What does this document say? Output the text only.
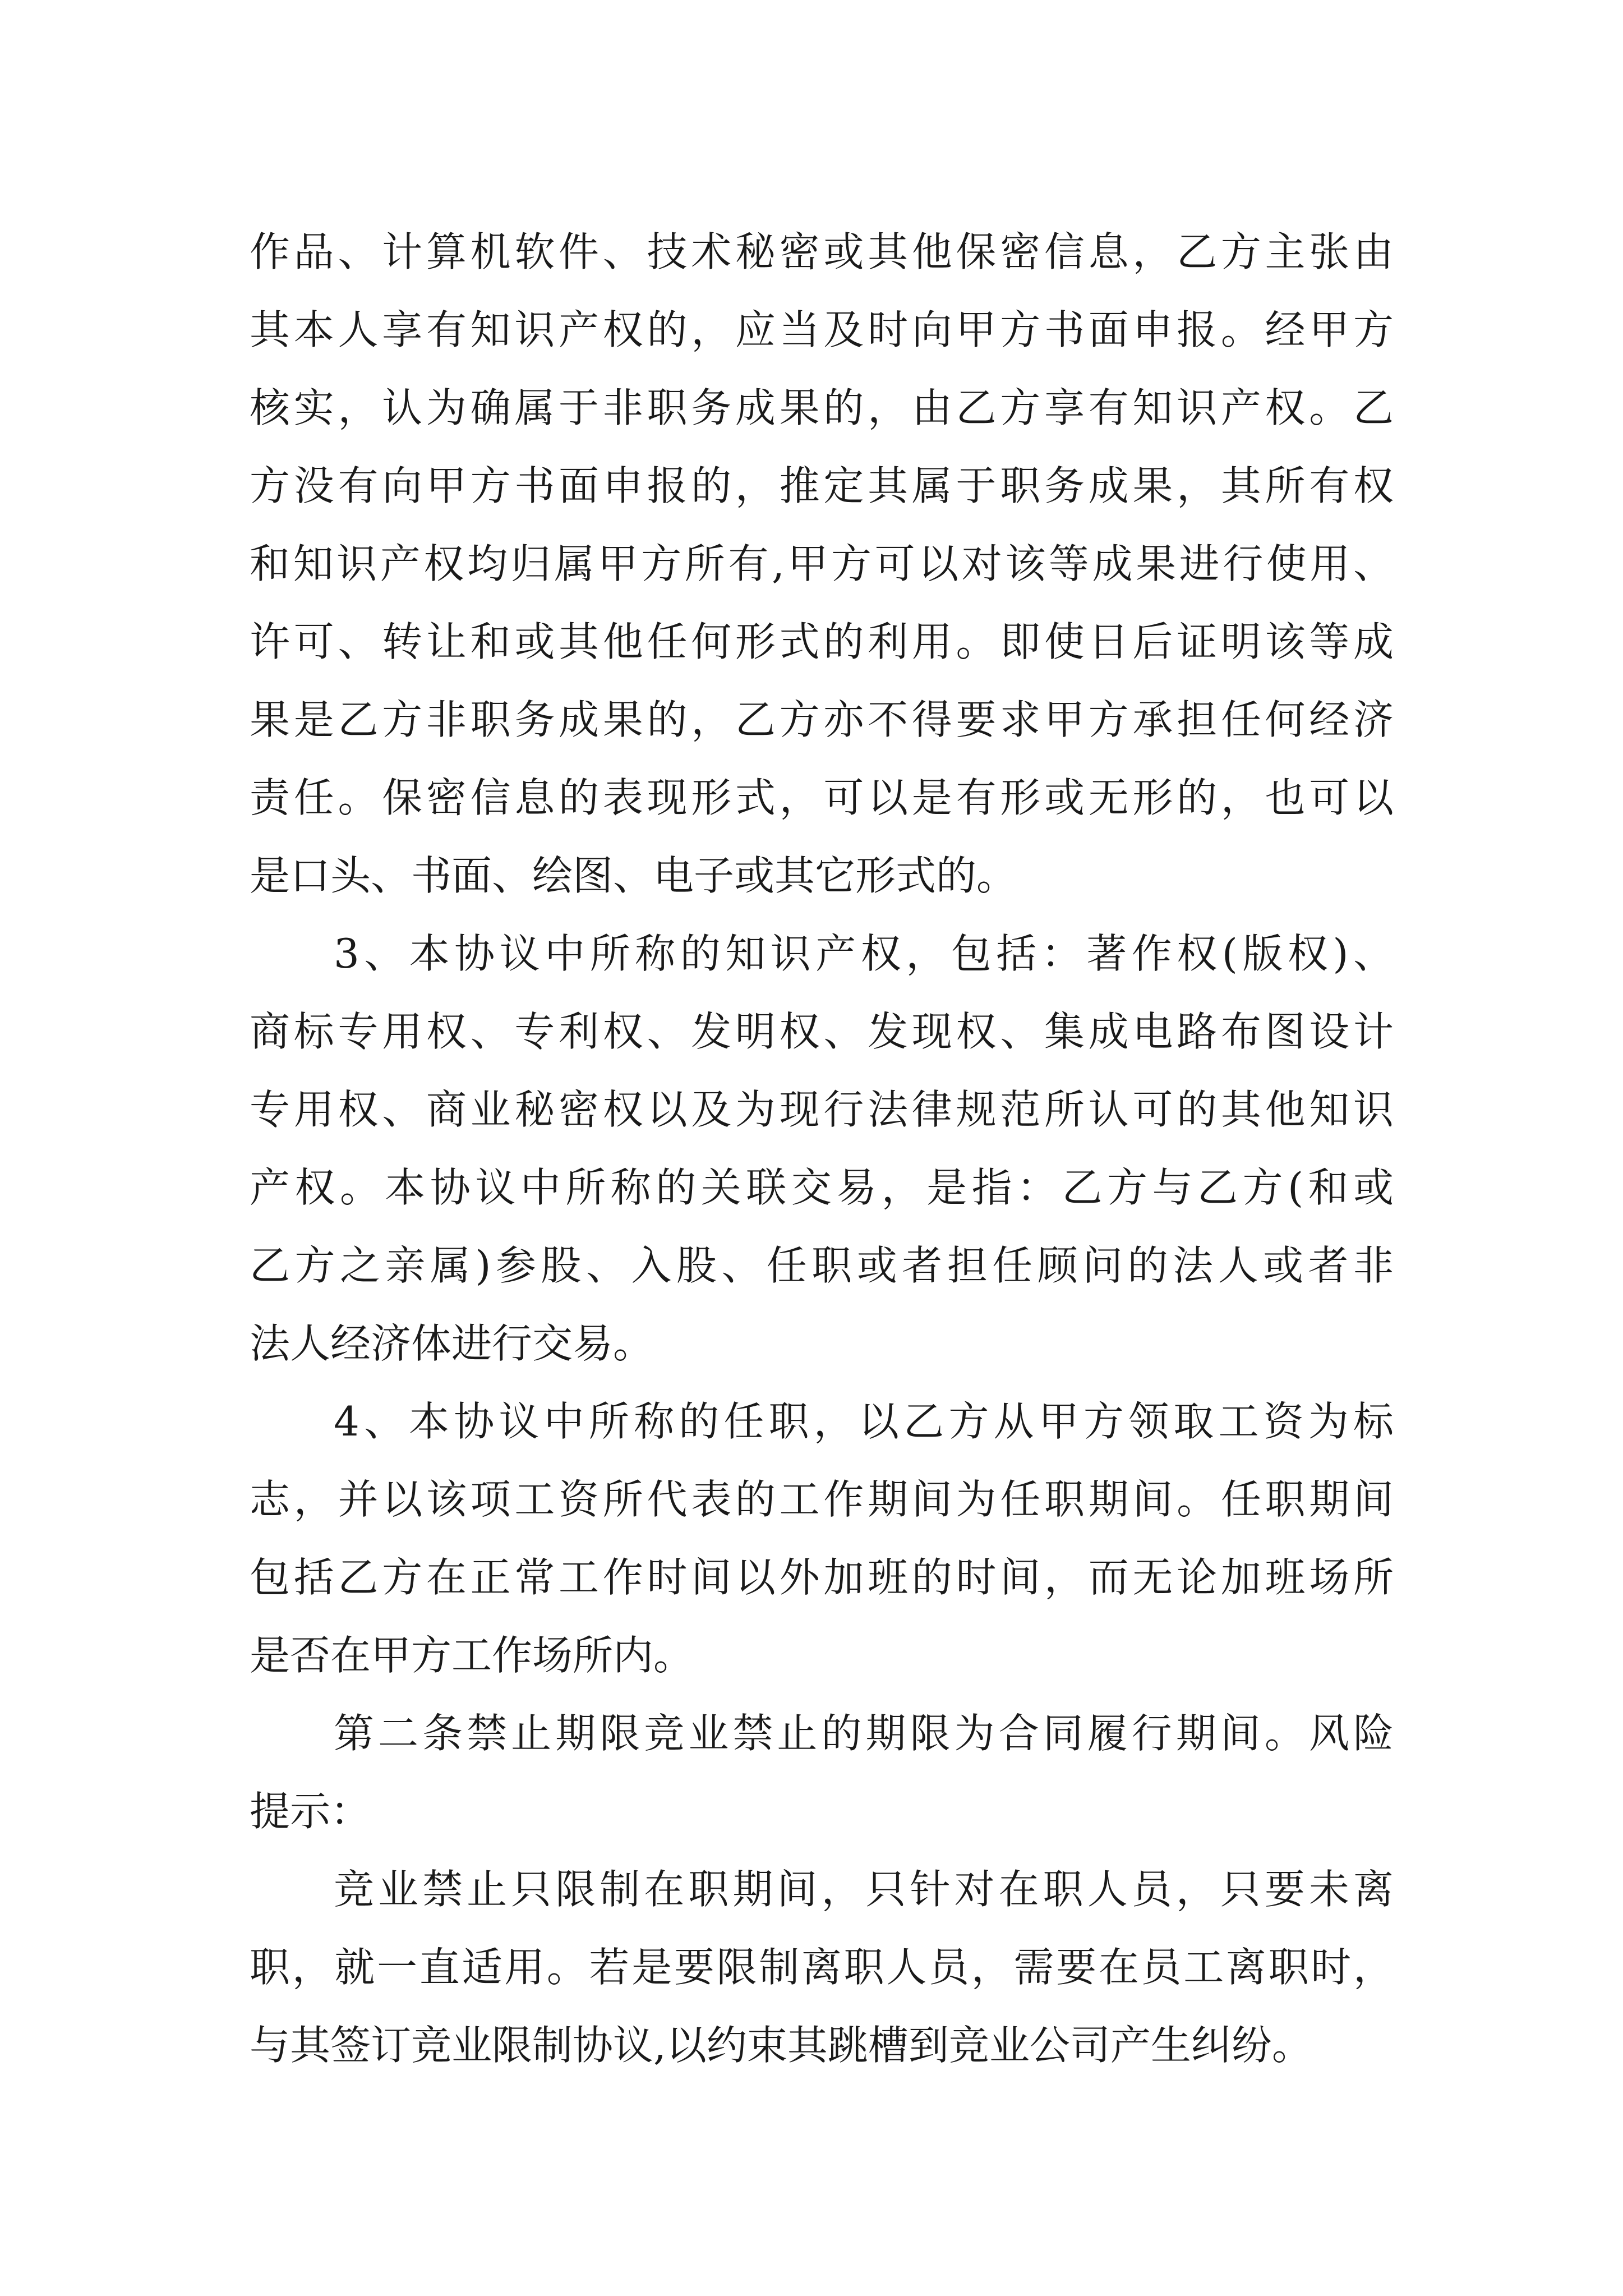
作品、计算机软件、技术秘密或其他保密信息，乙方主张由
其本人享有知识产权的，应当及时向甲方书面申报。经甲方
核实，认为确属于非职务成果的，由乙方享有知识产权。乙
方没有向甲方书面申报的，推定其属于职务成果，其所有权
和知识产权均归属甲方所有,甲方可以对该等成果进行使用、
许可、转让和或其他任何形式的利用。即使日后证明该等成
果是乙方非职务成果的，乙方亦不得要求甲方承担任何经济
责任。保密信息的表现形式，可以是有形或无形的，也可以
是口头、书面、绘图、电子或其它形式的。
3、本协议中所称的知识产权，包括：著作权(版权)、
商标专用权、专利权、发明权、发现权、集成电路布图设计
专用权、商业秘密权以及为现行法律规范所认可的其他知识
产权。本协议中所称的关联交易，是指：乙方与乙方(和或
乙方之亲属)参股、入股、任职或者担任顾问的法人或者非
法人经济体进行交易。
4、本协议中所称的任职，以乙方从甲方领取工资为标
志，并以该项工资所代表的工作期间为任职期间。任职期间
包括乙方在正常工作时间以外加班的时间，而无论加班场所
是否在甲方工作场所内。
第二条禁止期限竞业禁止的期限为合同履行期间。风险
提示：
竞业禁止只限制在职期间，只针对在职人员，只要未离
职，就一直适用。若是要限制离职人员，需要在员工离职时，
与其签订竞业限制协议,以约束其跳槽到竞业公司产生纠纷。
